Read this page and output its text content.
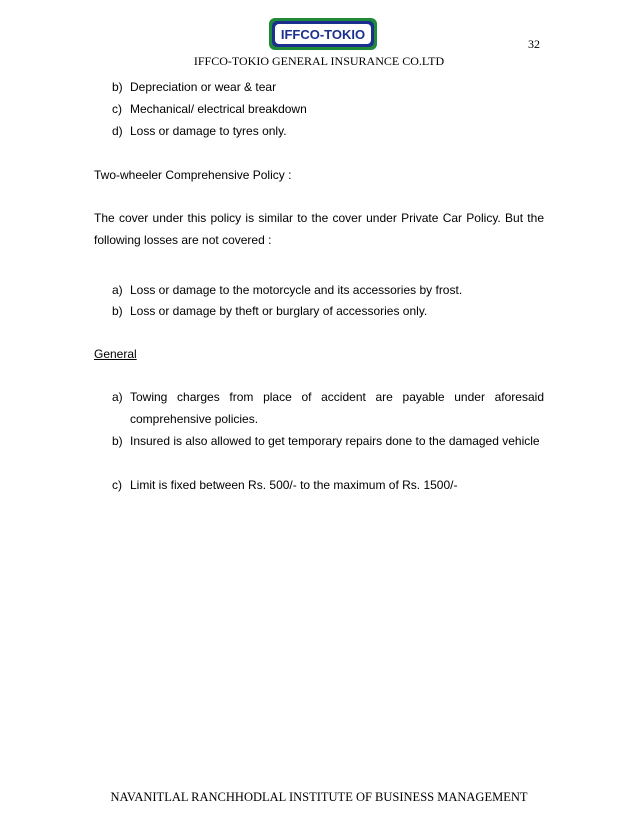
IFFCO-TOKIO
32
IFFCO-TOKIO GENERAL INSURANCE CO.LTD
b) Depreciation or wear & tear
c) Mechanical/ electrical breakdown
d) Loss or damage to tyres only.
Two-wheeler Comprehensive Policy :
The cover under this policy is similar to the cover under Private Car Policy. But the following losses are not covered :
a) Loss or damage to the motorcycle and its accessories by frost.
b) Loss or damage by theft or burglary of accessories only.
General
a) Towing charges from place of accident are payable under aforesaid comprehensive policies.
b) Insured is also allowed to get temporary repairs done to the damaged vehicle
c) Limit is fixed between Rs. 500/- to the maximum of Rs. 1500/-
NAVANITLAL RANCHHODLAL INSTITUTE OF BUSINESS MANAGEMENT
